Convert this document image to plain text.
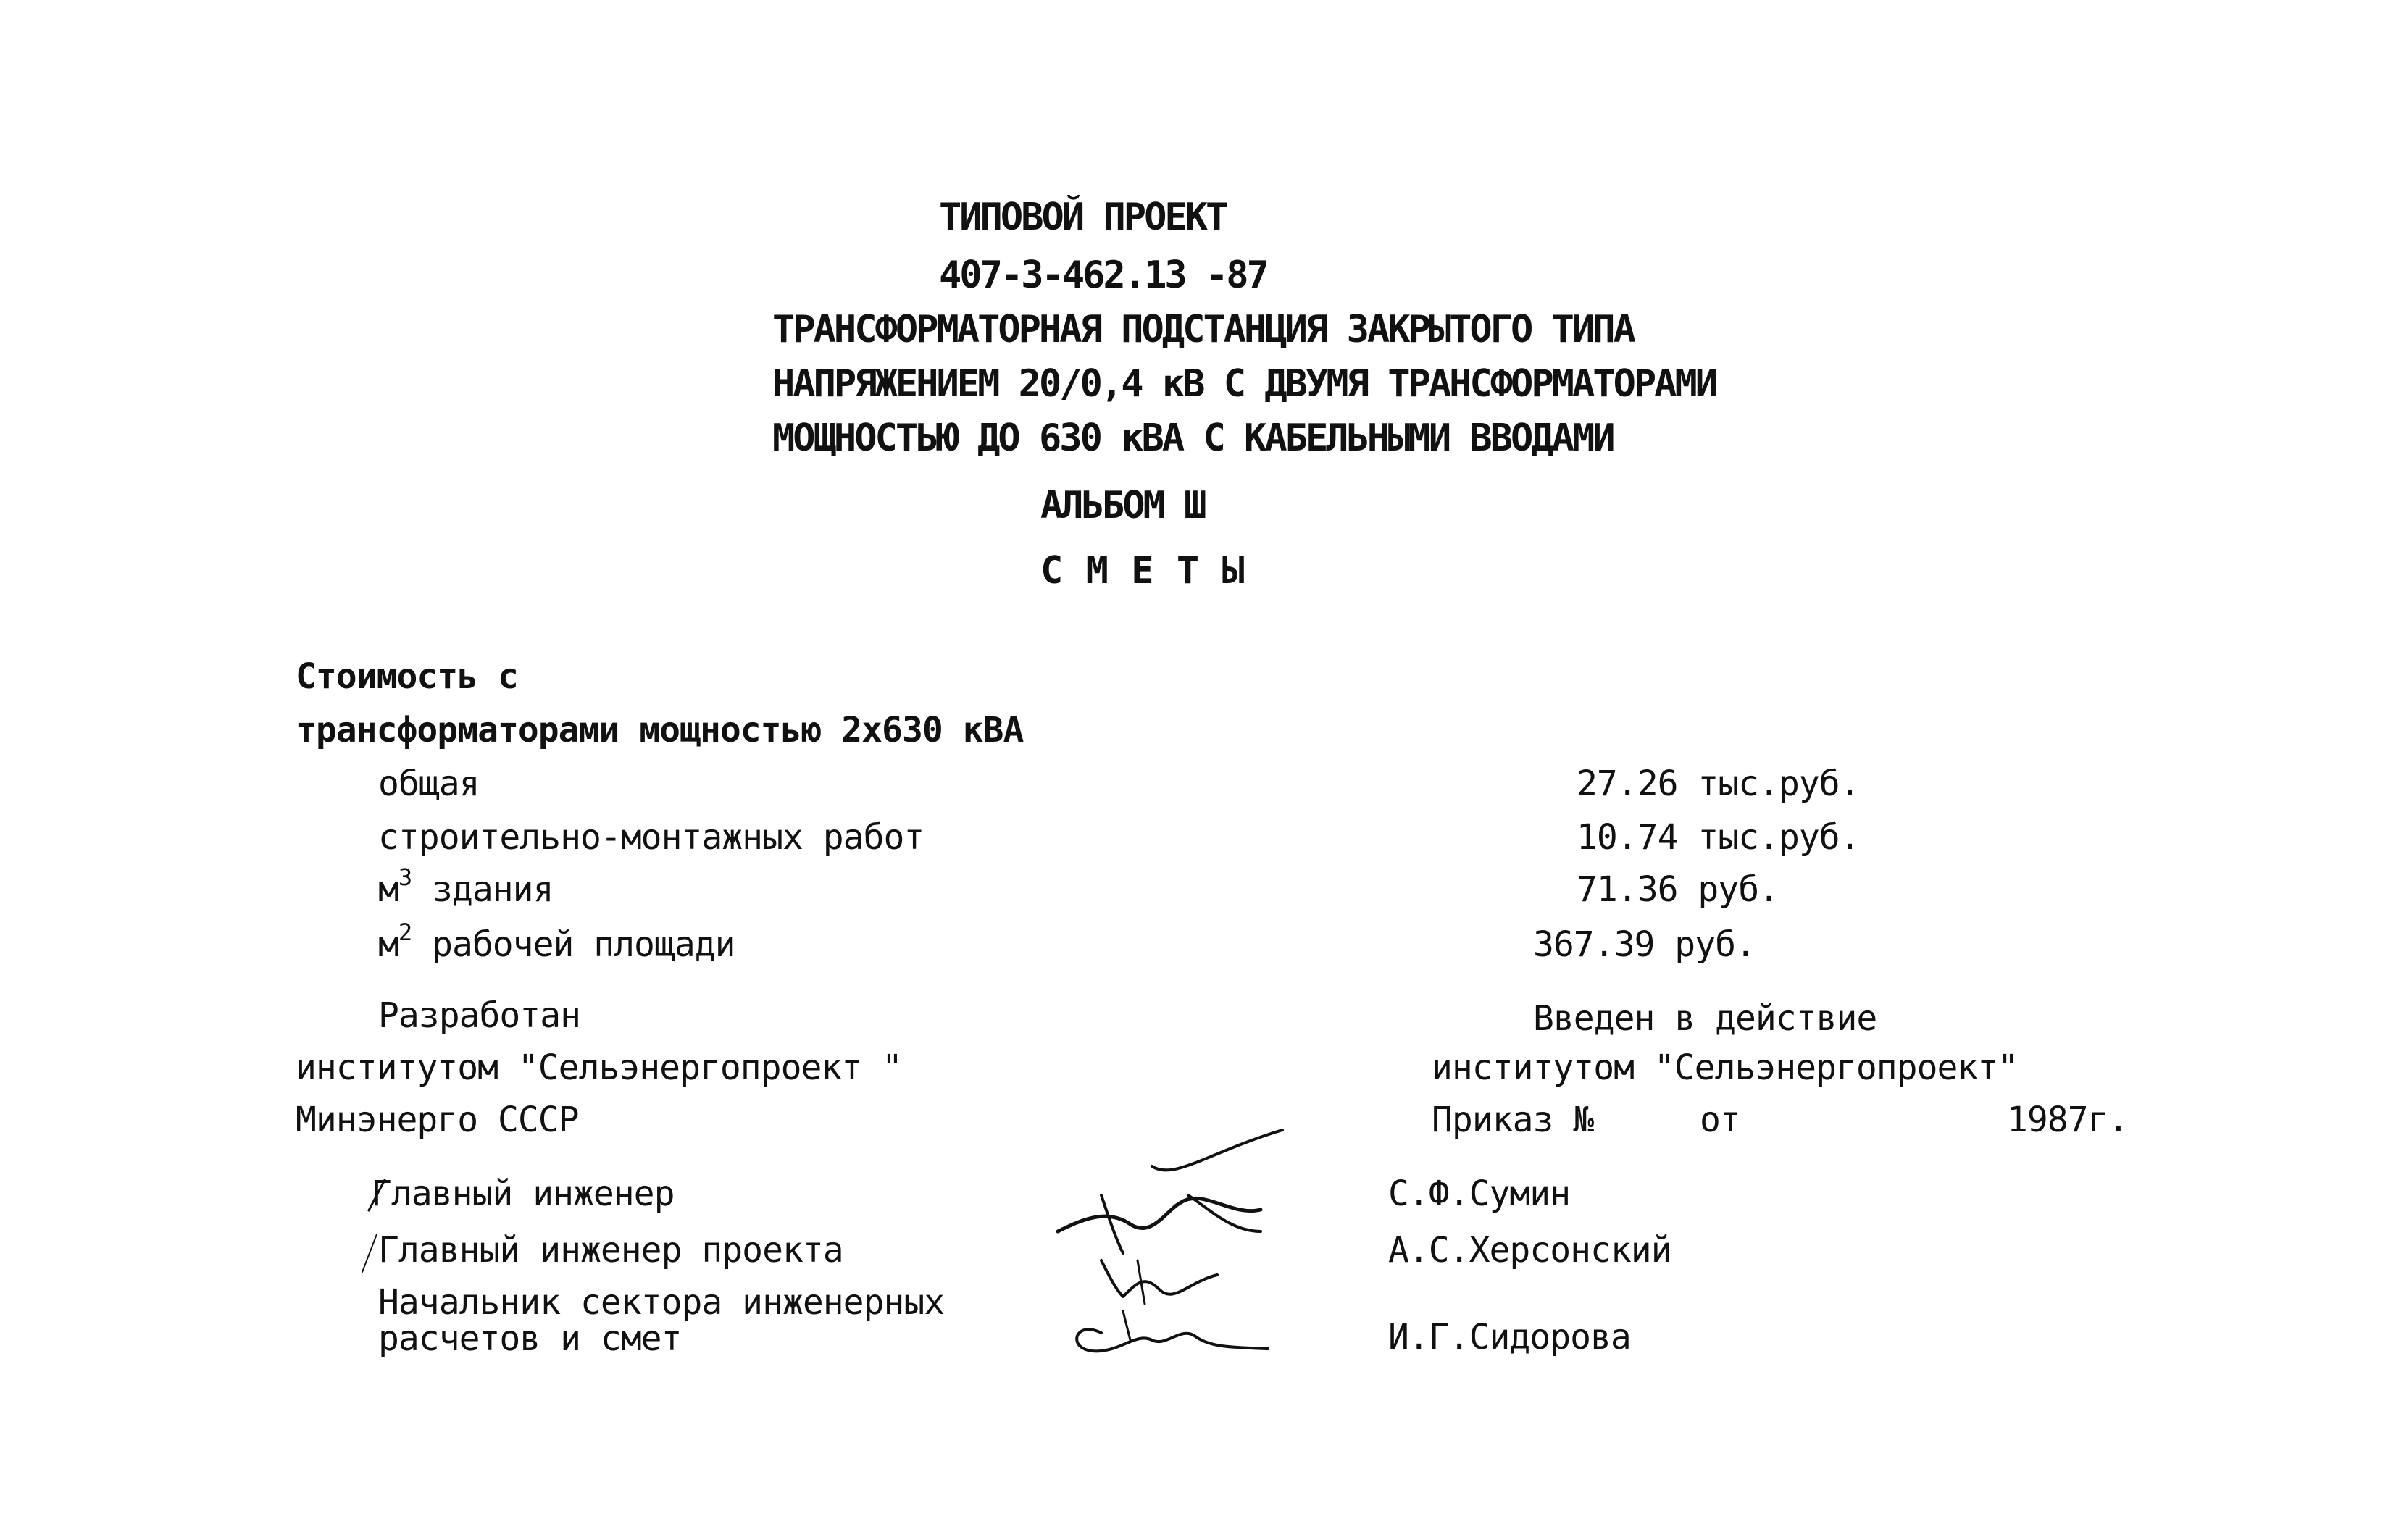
ТИПОВОЙ ПРОЕКТ
407-3-462.13 -87
ТРАНСФОРМАТОРНАЯ ПОДСТАНЦИЯ ЗАКРЫТОГО ТИПА
НАПРЯЖЕНИЕМ 20/0,4 кВ С ДВУМЯ ТРАНСФОРМАТОРАМИ
МОЩНОСТЬЮ ДО 630 кВА С КАБЕЛЬНЫМИ ВВОДАМИ
АЛЬБОМ Ш
С М Е Т Ы
Стоимость с
трансформаторами мощностью 2х630 кВА
общая	27.26 тыс.руб.
строительно-монтажных работ	10.74 тыс.руб.
$м^3$ здания	71.36 руб.
$м^2$ рабочей площади	367.39 руб.
Разработан
институтом "Сельэнергопроект "
Минэнерго СССР
Введен в действие
институтом "Сельэнергопроект"
Приказ №	от	1987г.
Главный инженер	С.Ф.Сумин
Главный инженер проекта	А.С.Херсонский
Начальник сектора инженерных
расчетов и смет	И.Г.Сидорова
